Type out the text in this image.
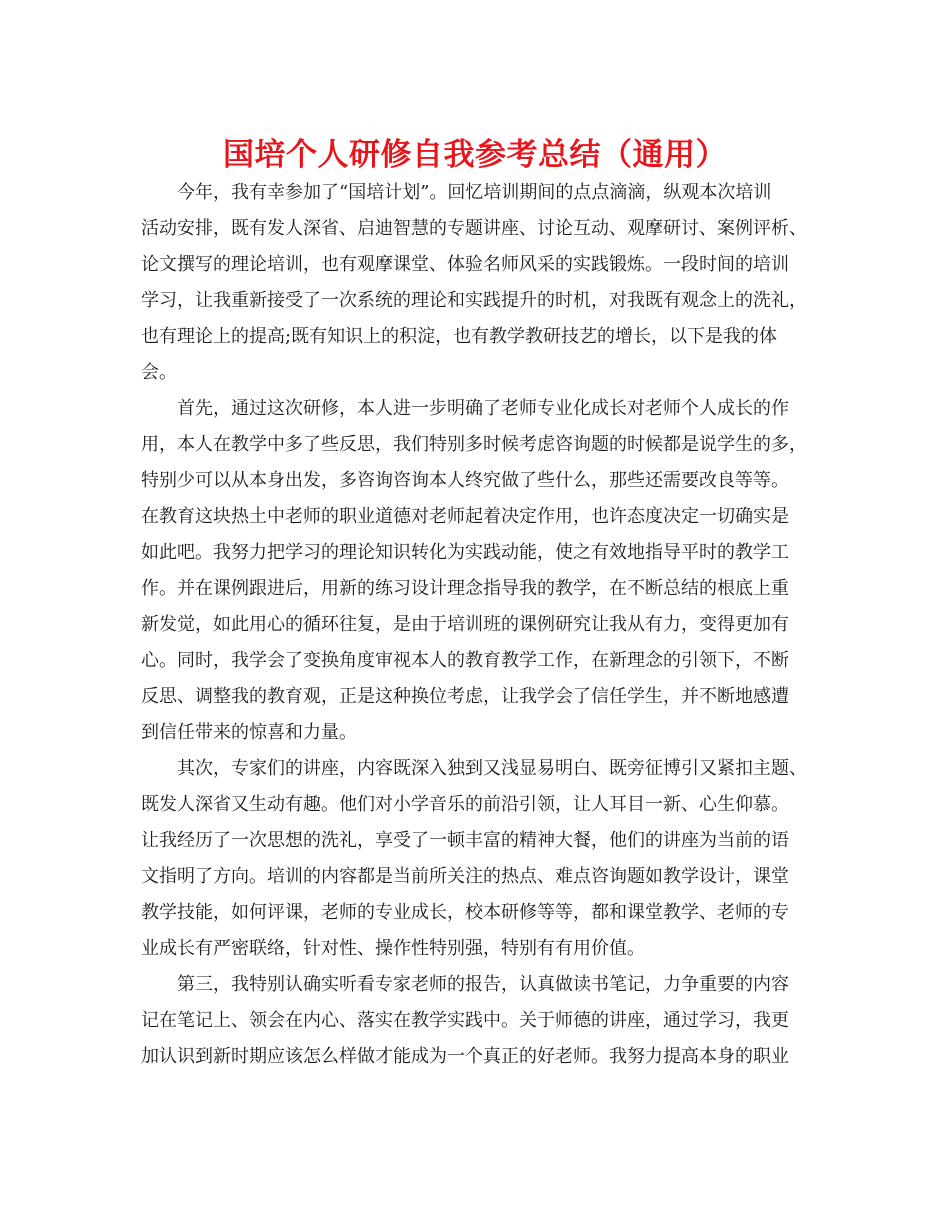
国培个人研修自我参考总结（通用）
今年，我有幸参加了“国培计划”。回忆培训期间的点点滴滴，纵观本次培训
活动安排，既有发人深省、启迪智慧的专题讲座、讨论互动、观摩研讨、案例评析、
论文撰写的理论培训，也有观摩课堂、体验名师风采的实践锻炼。一段时间的培训
学习，让我重新接受了一次系统的理论和实践提升的时机，对我既有观念上的洗礼，
也有理论上的提高;既有知识上的积淀，也有教学教研技艺的增长，以下是我的体
会。
首先，通过这次研修，本人进一步明确了老师专业化成长对老师个人成长的作
用，本人在教学中多了些反思，我们特别多时候考虑咨询题的时候都是说学生的多，
特别少可以从本身出发，多咨询咨询本人终究做了些什么，那些还需要改良等等。
在教育这块热土中老师的职业道德对老师起着决定作用，也许态度决定一切确实是
如此吧。我努力把学习的理论知识转化为实践动能，使之有效地指导平时的教学工
作。并在课例跟进后，用新的练习设计理念指导我的教学，在不断总结的根底上重
新发觉，如此用心的循环往复，是由于培训班的课例研究让我从有力，变得更加有
心。同时，我学会了变换角度审视本人的教育教学工作，在新理念的引领下，不断
反思、调整我的教育观，正是这种换位考虑，让我学会了信任学生，并不断地感遭
到信任带来的惊喜和力量。
其次，专家们的讲座，内容既深入独到又浅显易明白、既旁征博引又紧扣主题、
既发人深省又生动有趣。他们对小学音乐的前沿引领，让人耳目一新、心生仰慕。
让我经历了一次思想的洗礼，享受了一顿丰富的精神大餐，他们的讲座为当前的语
文指明了方向。培训的内容都是当前所关注的热点、难点咨询题如教学设计，课堂
教学技能，如何评课，老师的专业成长，校本研修等等，都和课堂教学、老师的专
业成长有严密联络，针对性、操作性特别强，特别有有用价值。
第三，我特别认确实听看专家老师的报告，认真做读书笔记，力争重要的内容
记在笔记上、领会在内心、落实在教学实践中。关于师德的讲座，通过学习，我更
加认识到新时期应该怎么样做才能成为一个真正的好老师。我努力提高本身的职业
